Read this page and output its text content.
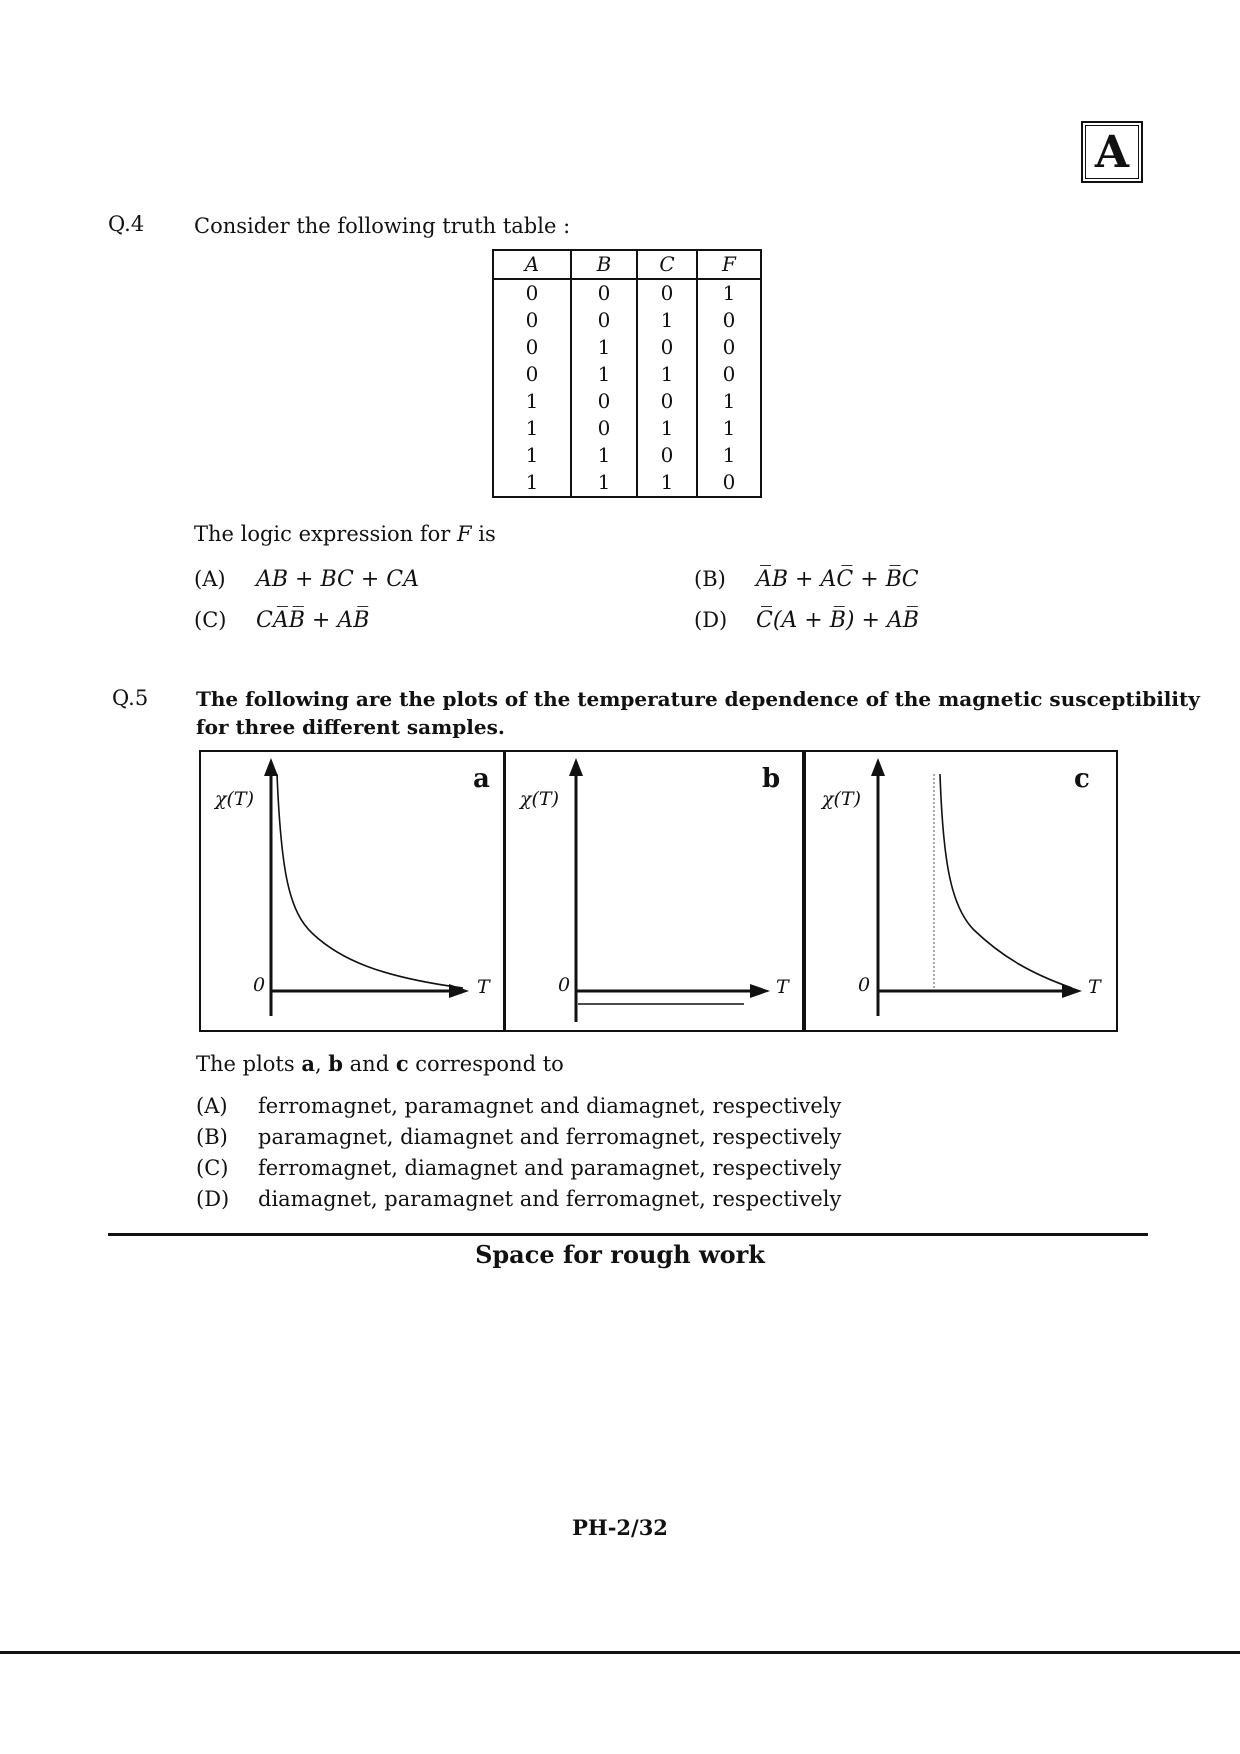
A
Q.4 Consider the following truth table :
A	B	C	F
0	0	0	1
0	0	1	0
0	1	0	0
0	1	1	0
1	0	0	1
1	0	1	1
1	1	0	1
1	1	1	0
The logic expression for F is
(A) AB + BC + CA	(B) A̅B + AC̅ + B̅C
(C) CA̅B̅ + AB̅	(D) C̅(A + B̅) + AB̅
Q.5 The following are the plots of the temperature dependence of the magnetic susceptibility
for three different samples.
χ(T)
a
0	T
χ(T)
b
0	T
χ(T)
c
0	T
The plots a, b and c correspond to
(A) ferromagnet, paramagnet and diamagnet, respectively
(B) paramagnet, diamagnet and ferromagnet, respectively
(C) ferromagnet, diamagnet and paramagnet, respectively
(D) diamagnet, paramagnet and ferromagnet, respectively
Space for rough work
PH-2/32
